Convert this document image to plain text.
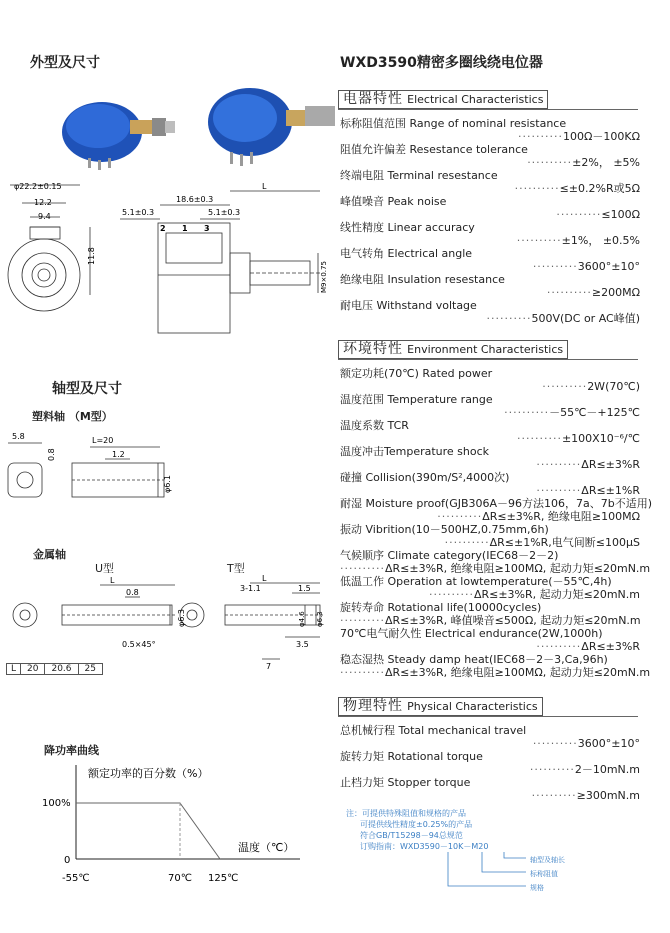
外型及尺寸
轴型及尺寸
塑料轴 （M型）
金属轴
U型	T型
φ22.2±0.15
12.2
9.4	5.1±0.3
18.6±0.3
5.1±0.3
L
11.8
M9×0.75
2 1 3
5.8
0.8
L=20
1.2
φ6.1
L
0.8
φ6.3
0.5×45°
L
3-1.1	1.5
φ4.6 φ6.3
3.5
7
L	20	20.6	25
降功率曲线
额定功率的百分数（%）
温度（℃）
100%
0
-55℃	70℃ 125℃
WXD3590精密多圈线绕电位器
电器特性 Electrical Characteristics
标称阻值范围 Range of nominal resistance
··········100Ω－100KΩ
阻值允许偏差 Resestance tolerance
··········±2%， ±5%
终端电阻 Terminal resestance
··········≤±0.2%R或5Ω
峰值噪音 Peak noise
··········≤100Ω
线性精度 Linear accuracy
··········±1%， ±0.5%
电气转角 Electrical angle
··········3600°±10°
绝缘电阻 Insulation resestance
··········≥200MΩ
耐电压 Withstand voltage
··········500V(DC or AC峰值)
环境特性 Environment Characteristics
额定功耗(70℃) Rated power
··········2W(70℃)
温度范围 Temperature range
··········－55℃－+125℃
温度系数 TCR
··········±100X10⁻⁶/℃
温度冲击Temperature shock
··········ΔR≤±3%R
碰撞 Collision(390m/S²,4000次)
··········ΔR≤±1%R
耐湿 Moisture proof(GJB306A－96方法106，7a、7b不适用)
··········ΔR≤±3%R, 绝缘电阻≥100MΩ
振动 Vibrition(10－500HZ,0.75mm,6h)
··········ΔR≤±1%R,电气间断≤100μS
气候顺序 Climate category(IEC68－2－2)
··········ΔR≤±3%R, 绝缘电阻≥100MΩ, 起动力矩≤20mN.m
低温工作 Operation at lowtemperature(－55℃,4h)
··········ΔR≤±3%R, 起动力矩≤20mN.m
旋转寿命 Rotational life(10000cycles)
··········ΔR≤±3%R, 峰值噪音≤500Ω, 起动力矩≤20mN.m
70℃电气耐久性 Electrical endurance(2W,1000h)
··········ΔR≤±3%R
稳态湿热 Steady damp heat(IEC68－2－3,Ca,96h)
··········ΔR≤±3%R, 绝缘电阻≥100MΩ, 起动力矩≤20mN.m
物理特性 Physical Characteristics
总机械行程 Total mechanical travel
··········3600°±10°
旋转力矩 Rotational torque
··········2－10mN.m
止档力矩 Stopper torque
··········≥300mN.m
注：可提供特殊阻值和规格的产品
可提供线性精度±0.25%的产品
符合GB/T15298－94总规范
订购指南：WXD3590－10K－M20
轴型及轴长
标称阻值
规格
